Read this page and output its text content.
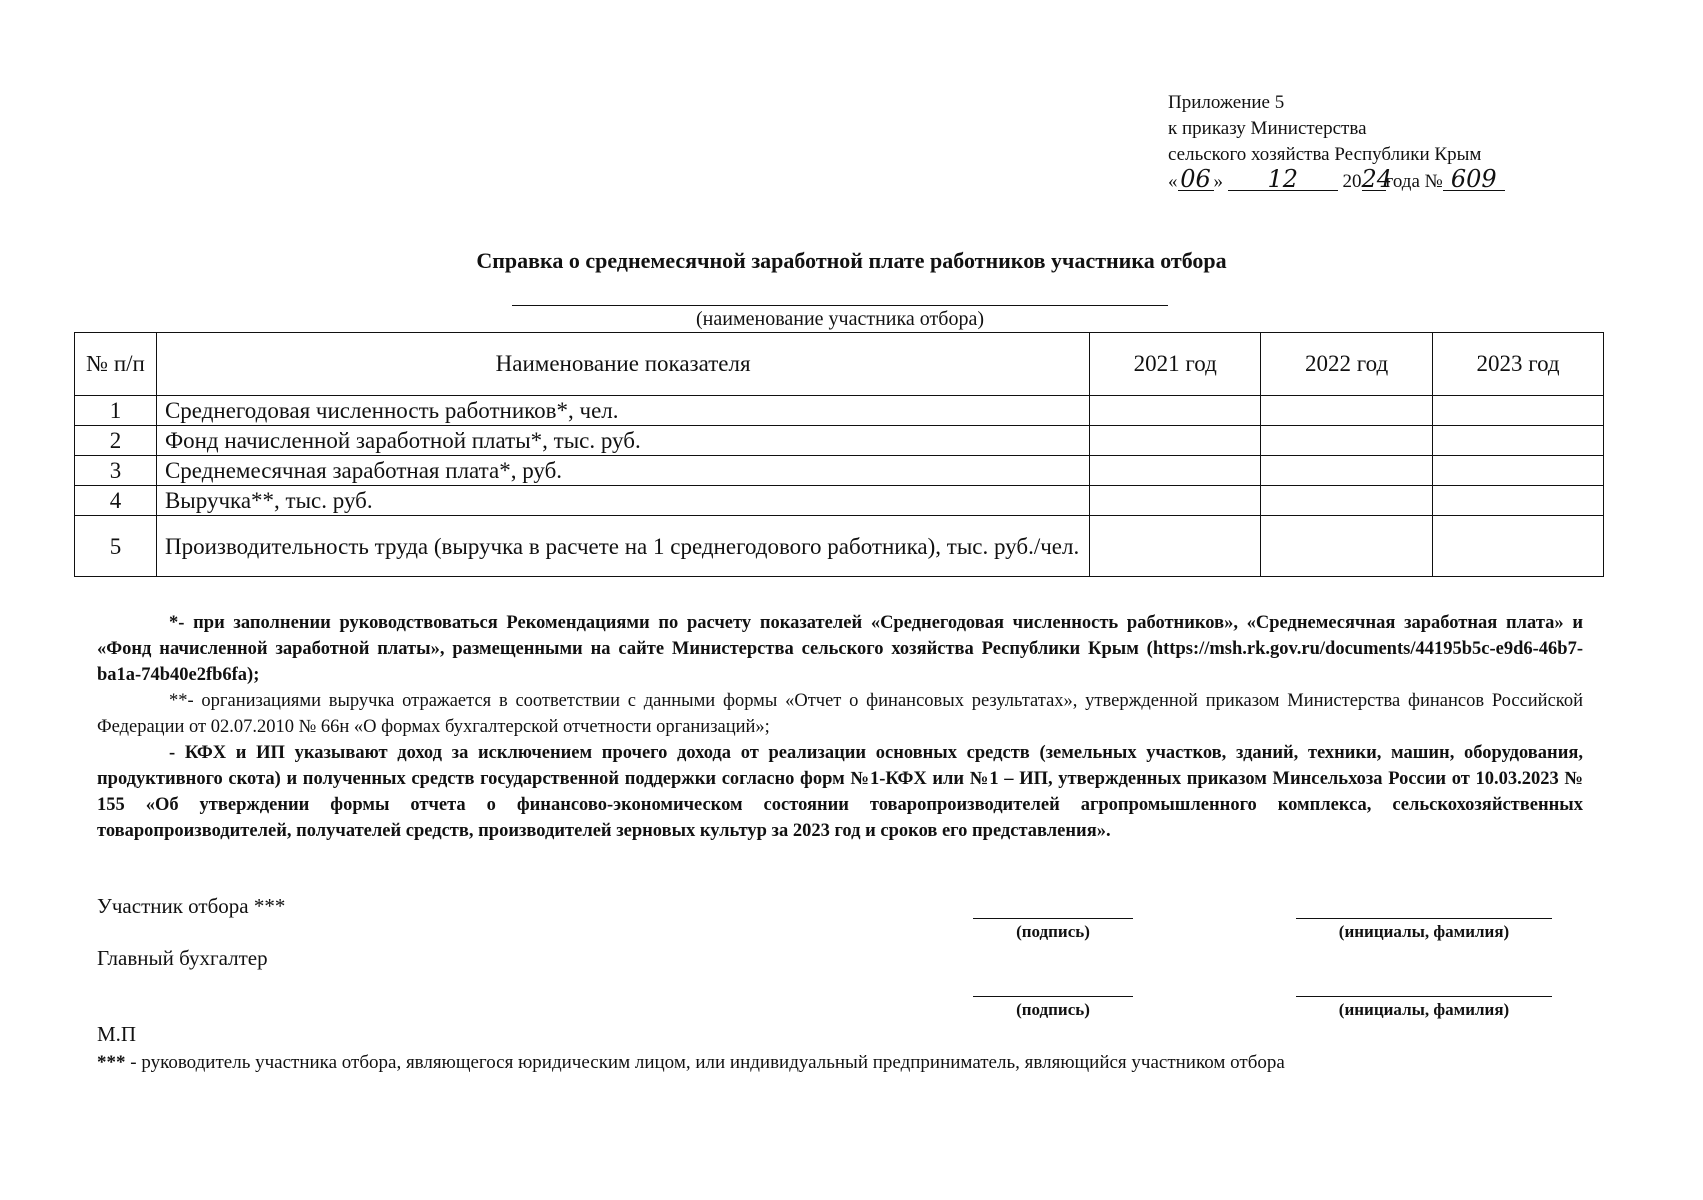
Приложение 5
к приказу Министерства
сельского хозяйства Республики Крым
« 06 » 12 2024года № 609
Справка о среднемесячной заработной плате работников участника отбора
(наименование участника отбора)
№ п/п	Наименование показателя	2021 год	2022 год	2023 год
1	Среднегодовая численность работников*, чел.			
2	Фонд начисленной заработной платы*, тыс. руб.			
3	Среднемесячная заработная плата*, руб.			
4	Выручка**, тыс. руб.			
5	Производительность труда (выручка в расчете на 1 среднегодового работника), тыс. руб./чел.			

*- при заполнении руководствоваться Рекомендациями по расчету показателей «Среднегодовая численность работников», «Среднемесячная заработная плата» и «Фонд начисленной заработной платы», размещенными на сайте Министерства сельского хозяйства Республики Крым (https://msh.rk.gov.ru/documents/44195b5c-e9d6-46b7-ba1a-74b40e2fb6fa);

**- организациями выручка отражается в соответствии с данными формы «Отчет о финансовых результатах», утвержденной приказом Министерства финансов Российской Федерации от 02.07.2010 № 66н «О формах бухгалтерской отчетности организаций»;

- КФХ и ИП указывают доход за исключением прочего дохода от реализации основных средств (земельных участков, зданий, техники, машин, оборудования, продуктивного скота) и полученных средств государственной поддержки согласно форм №1-КФХ или №1 – ИП, утвержденных приказом Минсельхоза России от 10.03.2023 № 155 «Об утверждении формы отчета о финансово-экономическом состоянии товаропроизводителей агропромышленного комплекса, сельскохозяйственных товаропроизводителей, получателей средств, производителей зерновых культур за 2023 год и сроков его представления».

Участник отбора ***
(подпись)	(инициалы, фамилия)
Главный бухгалтер
(подпись)	(инициалы, фамилия)
М.П
*** - руководитель участника отбора, являющегося юридическим лицом, или индивидуальный предприниматель, являющийся участником отбора
